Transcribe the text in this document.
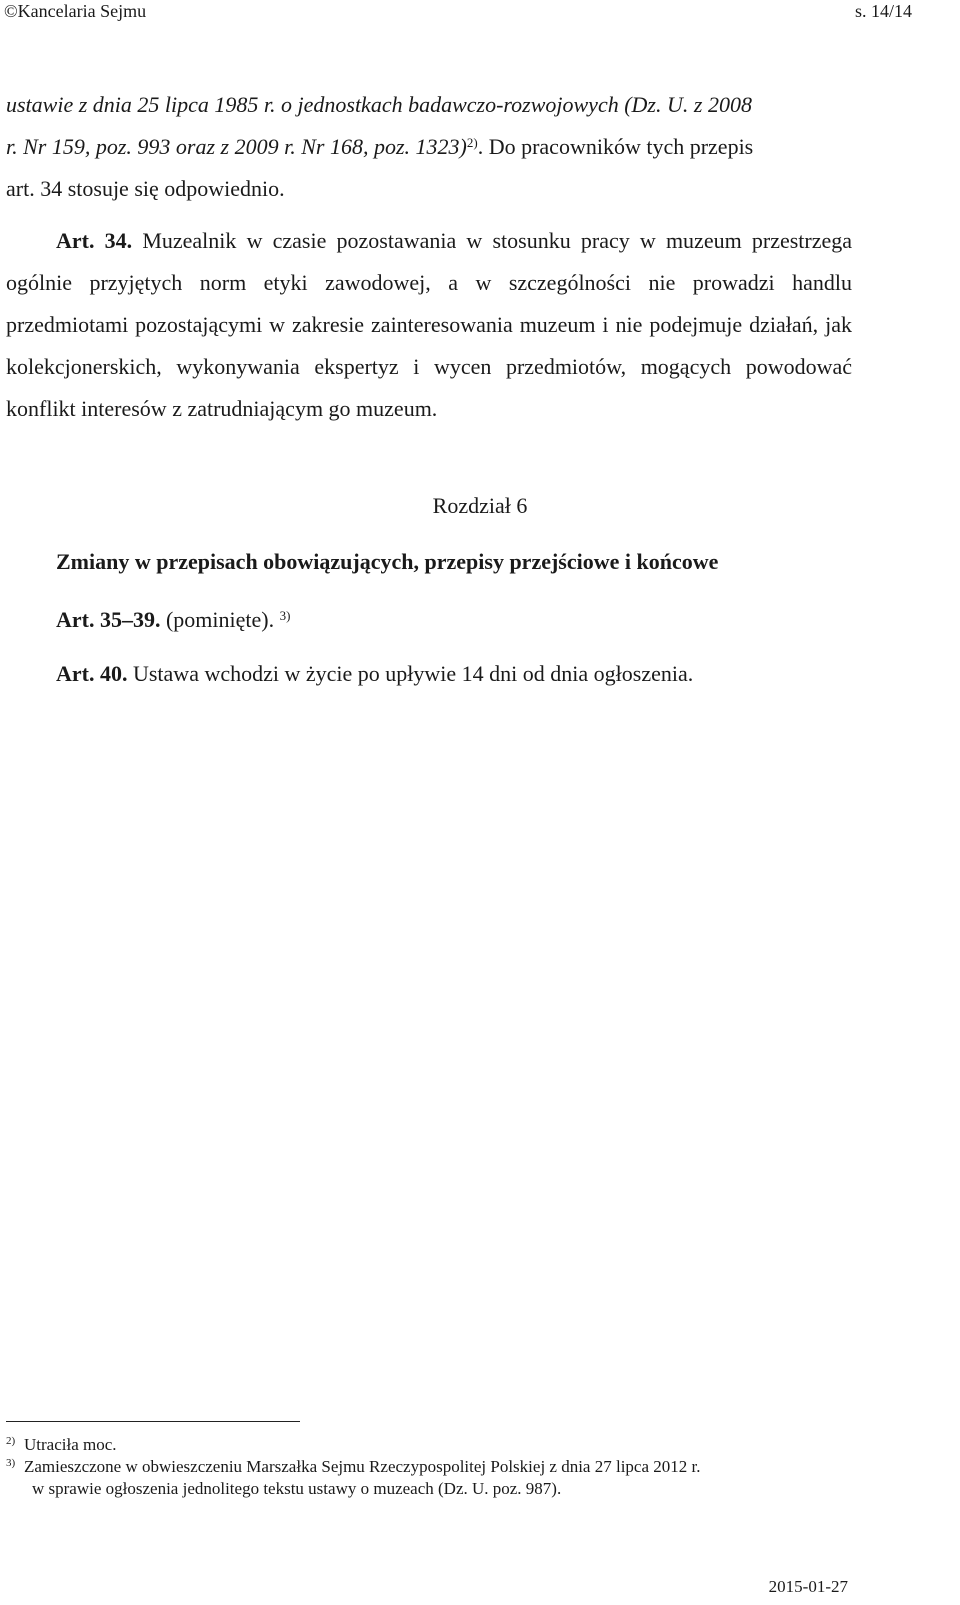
©Kancelaria Sejmu	s. 14/14
ustawie z dnia 25 lipca 1985 r. o jednostkach badawczo-rozwojowych (Dz. U. z 2008
r. Nr 159, poz. 993 oraz z 2009 r. Nr 168, poz. 1323)$^{2)}$. Do pracowników tych przepis
art. 34 stosuje się odpowiednio.
Art. 34. Muzealnik w czasie pozostawania w stosunku pracy w muzeum przestrzega ogólnie przyjętych norm etyki zawodowej, a w szczególności nie prowadzi handlu przedmiotami pozostającymi w zakresie zainteresowania muzeum i nie podejmuje działań, jak kolekcjonerskich, wykonywania ekspertyz i wycen przedmiotów, mogących powodować konflikt interesów z zatrudniającym go muzeum.
Rozdział 6
Zmiany w przepisach obowiązujących, przepisy przejściowe i końcowe
Art. 35–39. (pominięte). $^{3)}$
Art. 40. Ustawa wchodzi w życie po upływie 14 dni od dnia ogłoszenia.
2) Utraciła moc.
3) Zamieszczone w obwieszczeniu Marszałka Sejmu Rzeczypospolitej Polskiej z dnia 27 lipca 2012 r.
w sprawie ogłoszenia jednolitego tekstu ustawy o muzeach (Dz. U. poz. 987).
2015-01-27
